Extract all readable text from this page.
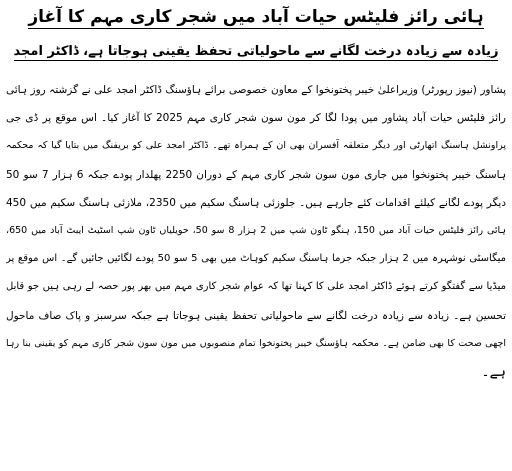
ہائی رائز فلیٹس حیات آباد میں شجر کاری مہم کا آغاز
زیادہ سے زیادہ درخت لگانے سے ماحولیاتی تحفظ یقینی ہوجاتا ہے، ڈاکٹر امجد
پشاور (نیوز رپورٹر) وزیراعلیٰ خیبر پختونخوا کے معاون خصوصی برائے ہاؤسنگ ڈاکٹر امجد علی نے گزشتہ روز ہائی
رائز فلیٹس حیات آباد پشاور میں پودا لگا کر مون سون شجر کاری مہم 2025 کا آغاز کیا۔ اس موقع پر ڈی جی
پراونشل ہاسنگ اتھارٹی اور دیگر متعلقہ آفسران بھی ان کے ہمراہ تھے۔ ڈاکٹر امجد علی کو بریفنگ میں بتایا گیا کہ محکمہ
ہاسنگ خیبر پختونخوا میں جاری مون سون شجر کاری مہم کے دوران 2250 پھلدار پودے جبکہ 6 ہزار 7 سو 50
دیگر پودے لگانے کیلئے اقدامات کئے جارہے ہیں۔ جلوزئی ہاسنگ سکیم میں 2350، ملازئی ہاسنگ سکیم میں 450
ہائی رائز فلیٹس حیات آباد میں 150، ہنگو ٹاون شپ میں 2 ہزار 8 سو 50، حویلیاں ٹاون شپ اسٹیٹ ایبٹ آباد میں 650،
میگاسٹی نوشہرہ میں 2 ہزار جبکہ جرما ہاسنگ سکیم کوہاٹ میں بھی 5 سو 50 پودے لگائیں جائیں گے۔ اس موقع پر
میڈیا سے گفتگو کرتے ہوئے ڈاکٹر امجد علی کا کہنا تھا کہ عوام شجر کاری مہم میں بھر پور حصہ لے رہی ہیں جو قابل
تحسین ہے۔ زیادہ سے زیادہ درخت لگانے سے ماحولیاتی تحفظ یقینی ہوجاتا ہے جبکہ سرسبز و پاک صاف ماحول
اچھی صحت کا بھی ضامن ہے۔ محکمہ ہاؤسنگ خیبر پختونخوا تمام منصوبوں میں مون سون شجر کاری مہم کو یقینی بنا رہا
ہے۔
